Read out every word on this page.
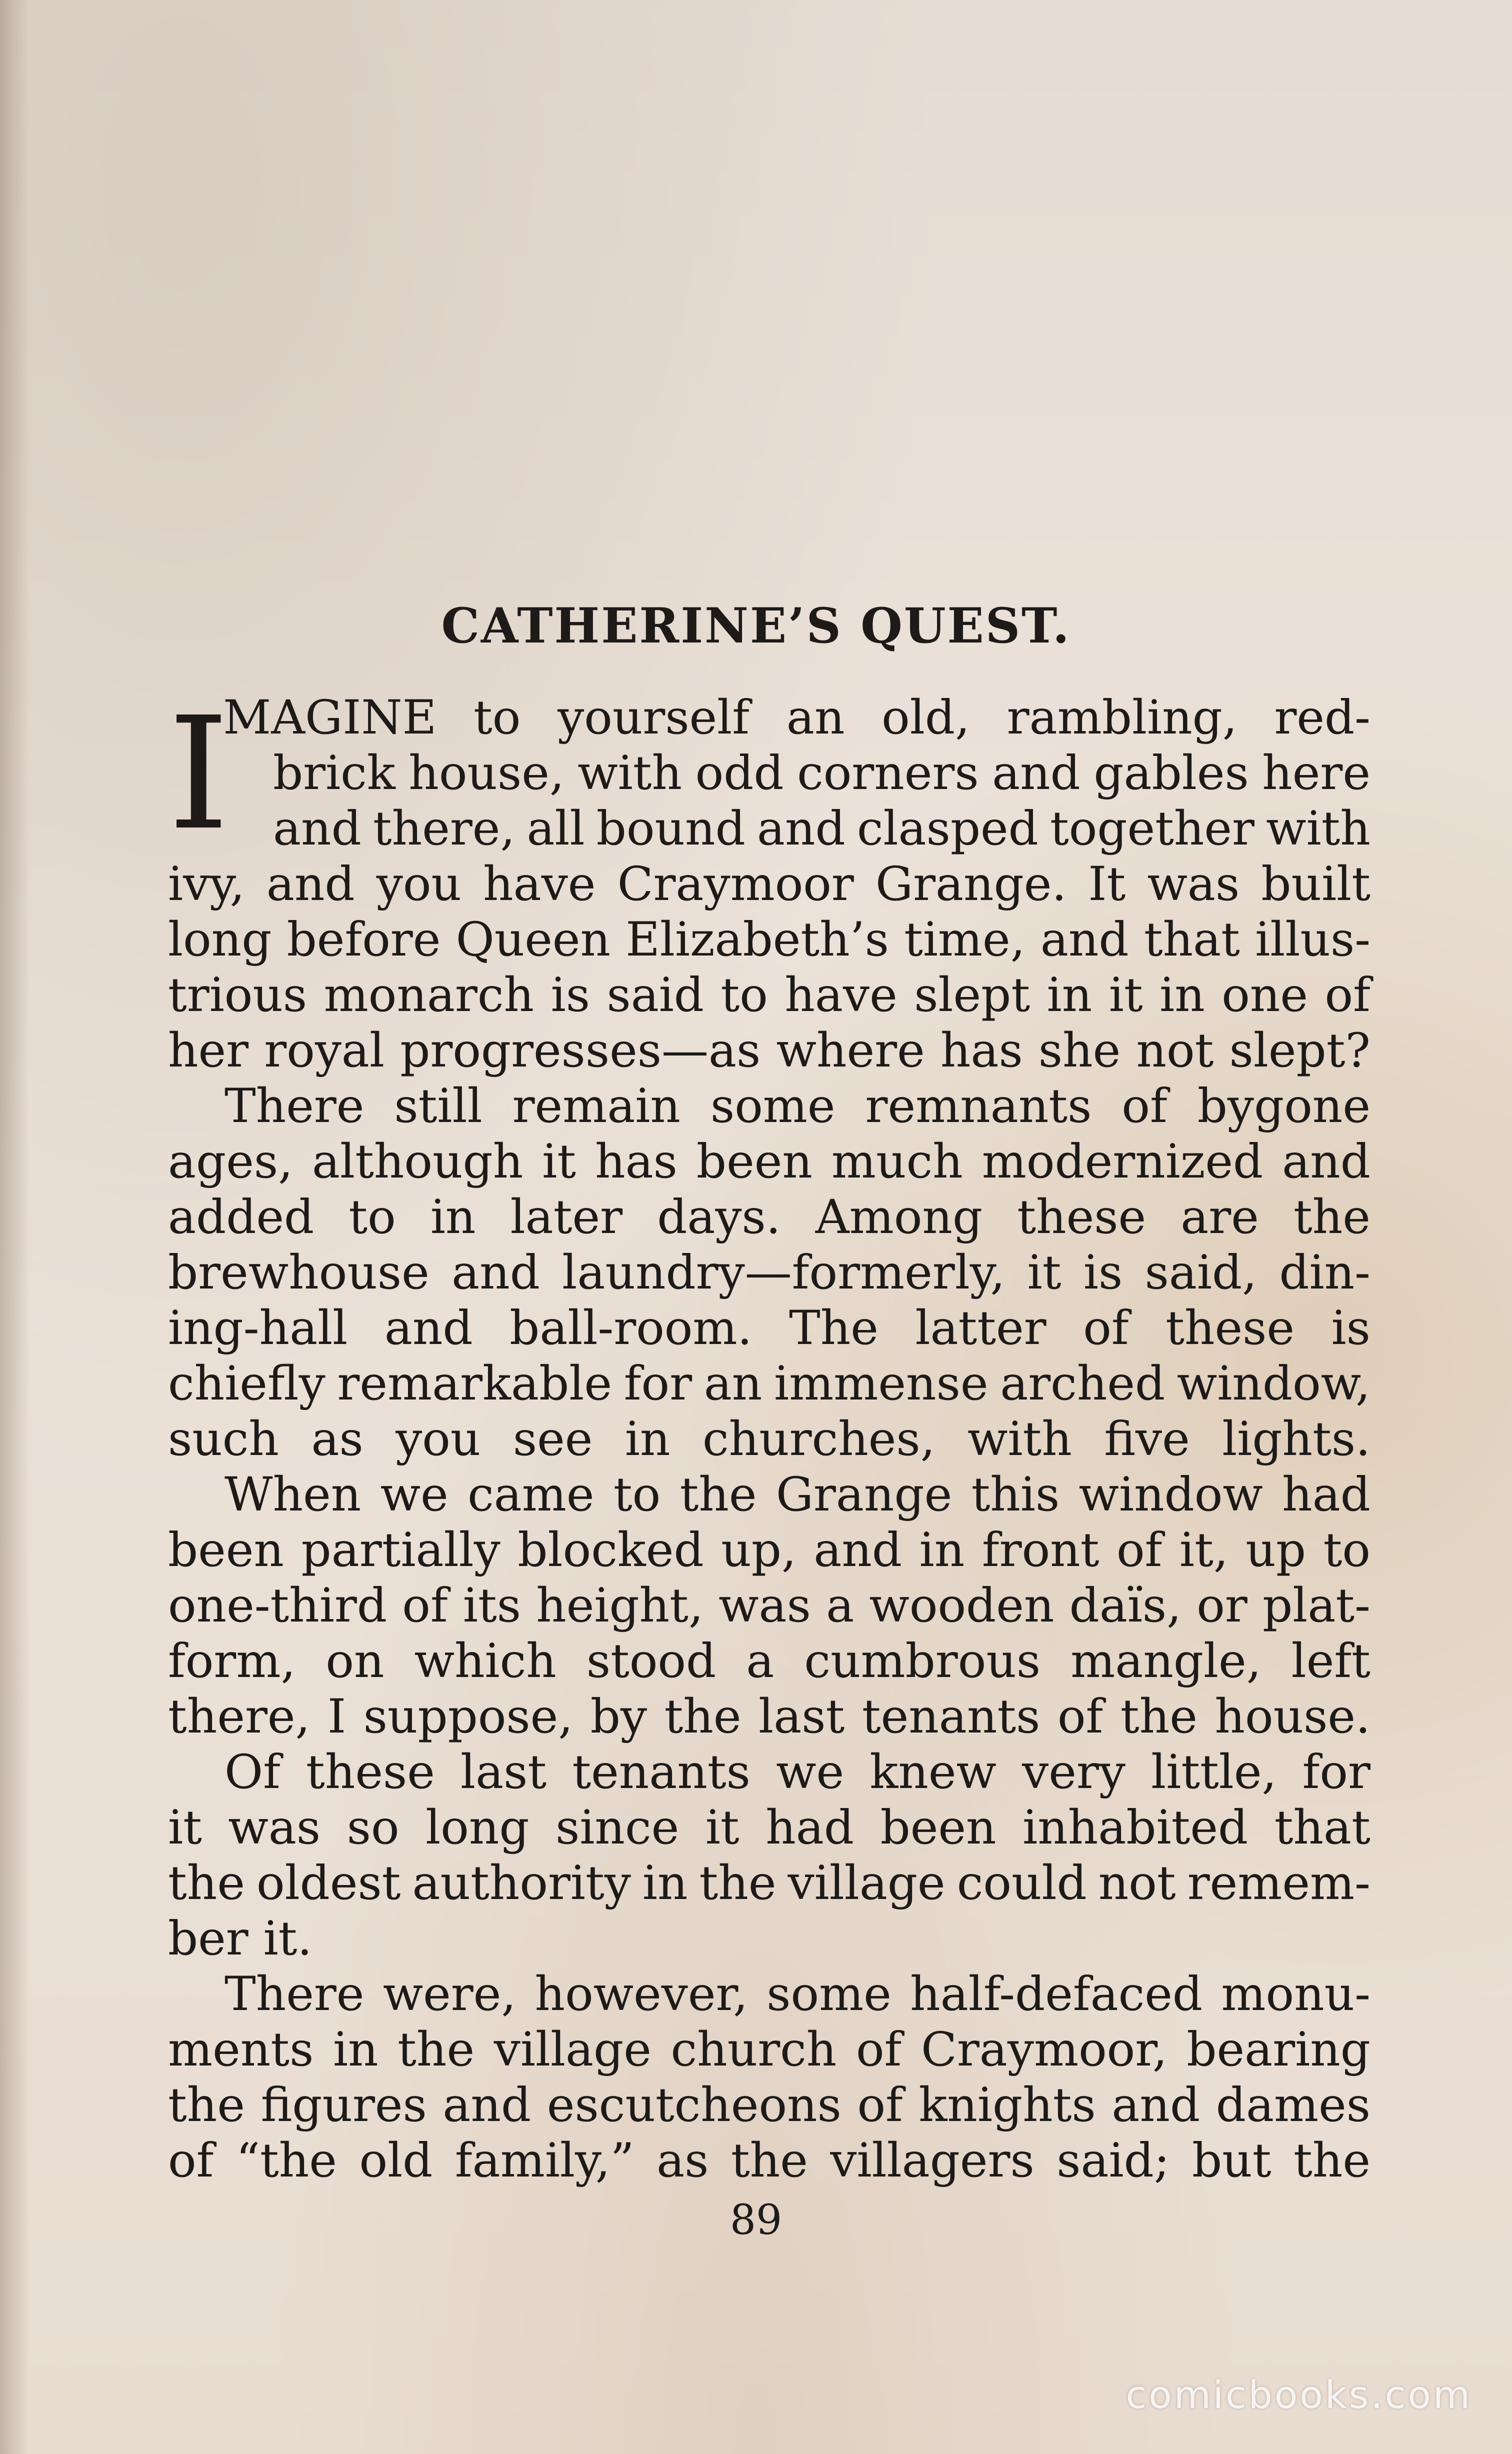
CATHERINE’S QUEST.
I
MAGINE to yourself an old, rambling, red-
brick house, with odd corners and gables here
and there, all bound and clasped together with
ivy, and you have Craymoor Grange. It was built
long before Queen Elizabeth’s time, and that illus-
trious monarch is said to have slept in it in one of
her royal progresses—as where has she not slept?
There still remain some remnants of bygone
ages, although it has been much modernized and
added to in later days. Among these are the
brewhouse and laundry—formerly, it is said, din-
ing-hall and ball-room. The latter of these is
chiefly remarkable for an immense arched window,
such as you see in churches, with five lights.
When we came to the Grange this window had
been partially blocked up, and in front of it, up to
one-third of its height, was a wooden daïs, or plat-
form, on which stood a cumbrous mangle, left
there, I suppose, by the last tenants of the house.
Of these last tenants we knew very little, for
it was so long since it had been inhabited that
the oldest authority in the village could not remem-
ber it.
There were, however, some half-defaced monu-
ments in the village church of Craymoor, bearing
the figures and escutcheons of knights and dames
of “the old family,” as the villagers said; but the
89
comicbooks.com
